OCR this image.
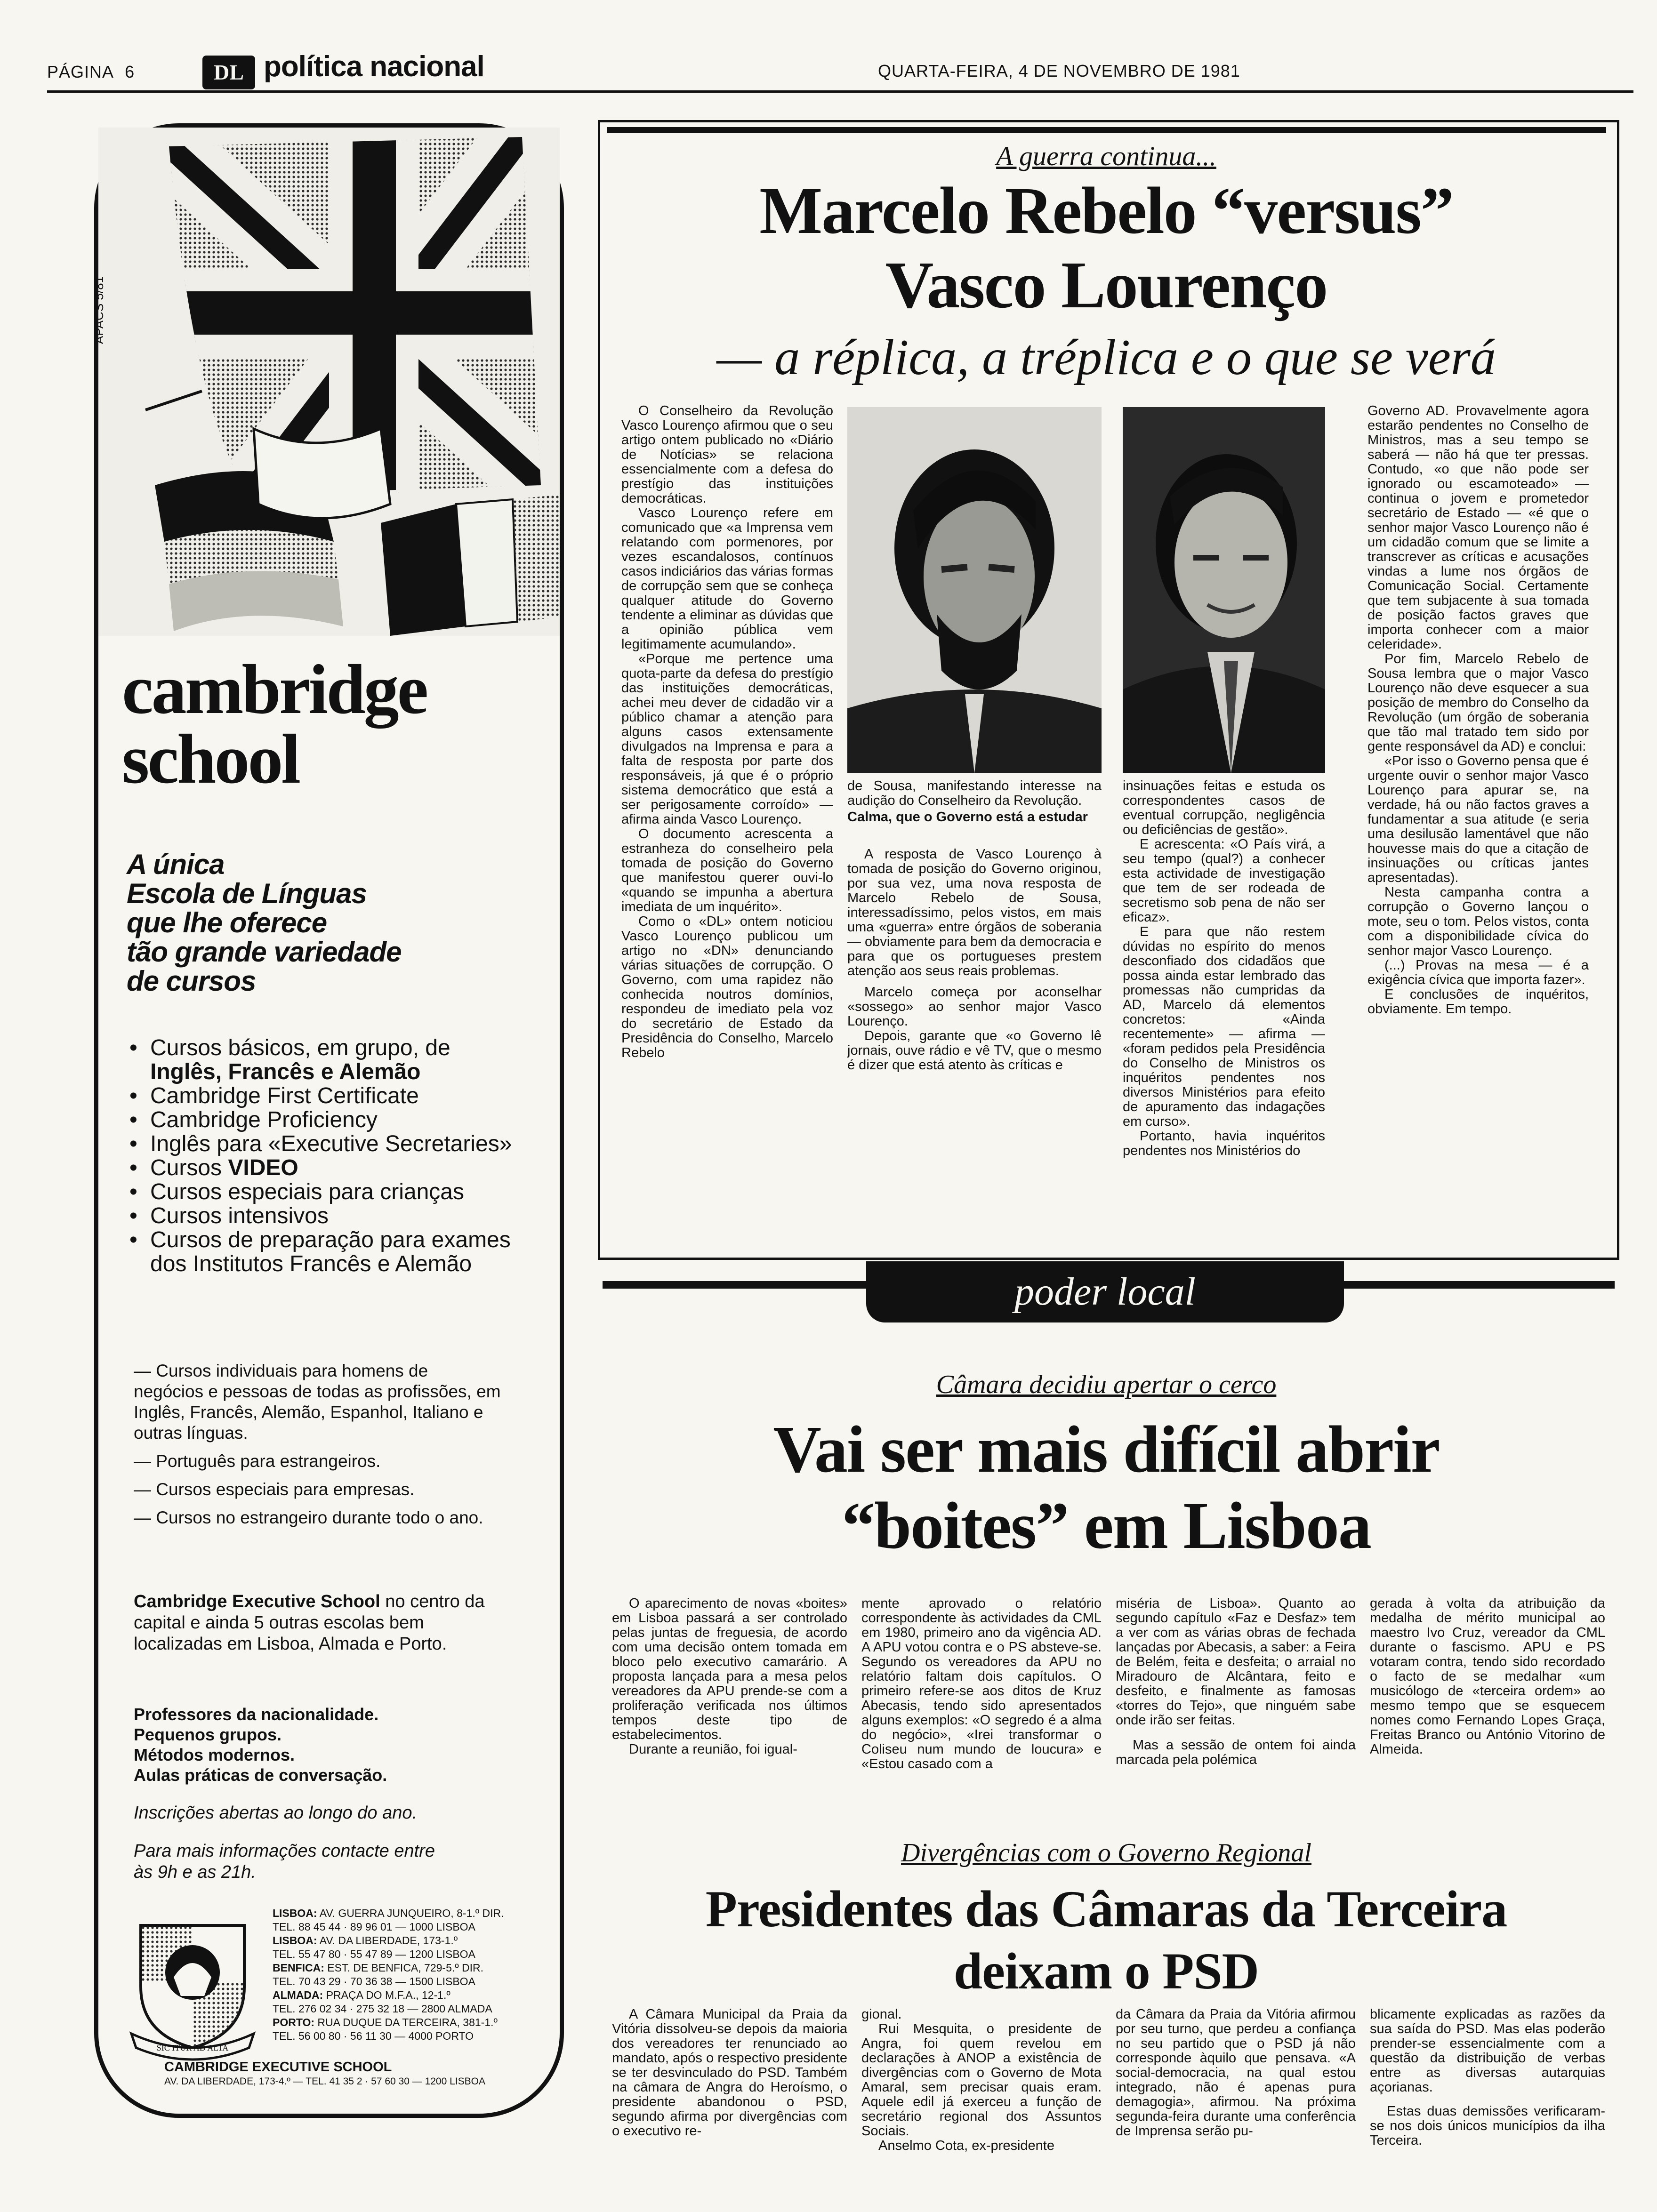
PÁGINA 6	DL política nacional	QUARTA-FEIRA, 4 DE NOVEMBRO DE 1981
APACS 5/81
cambridge
school
A única
Escola de Línguas
que lhe oferece
tão grande variedade
de cursos
• Cursos básicos, em grupo, de Inglês, Francês e Alemão
• Cambridge First Certificate
• Cambridge Proficiency
• Inglês para «Executive Secretaries»
• Cursos VIDEO
• Cursos especiais para crianças
• Cursos intensivos
• Cursos de preparação para exames dos Institutos Francês e Alemão
— Cursos individuais para homens de negócios e pessoas de todas as profissões, em Inglês, Francês, Alemão, Espanhol, Italiano e outras línguas.
— Português para estrangeiros.
— Cursos especiais para empresas.
— Cursos no estrangeiro durante todo o ano.
Cambridge Executive School no centro da capital e ainda 5 outras escolas bem localizadas em Lisboa, Almada e Porto.
Professores da nacionalidade.
Pequenos grupos.
Métodos modernos.
Aulas práticas de conversação.
Inscrições abertas ao longo do ano.
Para mais informações contacte entre às 9h e as 21h.
SIC ITUR AD ALTA
LISBOA: AV. GUERRA JUNQUEIRO, 8-1.º DIR.
TEL. 88 45 44 · 89 96 01 — 1000 LISBOA
LISBOA: AV. DA LIBERDADE, 173-1.º
TEL. 55 47 80 · 55 47 89 — 1200 LISBOA
BENFICA: EST. DE BENFICA, 729-5.º DIR.
TEL. 70 43 29 · 70 36 38 — 1500 LISBOA
ALMADA: PRAÇA DO M.F.A., 12-1.º
TEL. 276 02 34 · 275 32 18 — 2800 ALMADA
PORTO: RUA DUQUE DA TERCEIRA, 381-1.º
TEL. 56 00 80 · 56 11 30 — 4000 PORTO
CAMBRIDGE EXECUTIVE SCHOOL
AV. DA LIBERDADE, 173-4.º — TEL. 41 35 2 · 57 60 30 — 1200 LISBOA
A guerra continua...
Marcelo Rebelo “versus”
Vasco Lourenço
— a réplica, a tréplica e o que se verá

O Conselheiro da Revolução Vasco Lourenço afirmou que o seu artigo ontem publicado no «Diário de Notícias» se relaciona essencialmente com a defesa do prestígio das instituições democráticas.

Vasco Lourenço refere em comunicado que «a Imprensa vem relatando com pormenores, por vezes escandalosos, contínuos casos indiciários das várias formas de corrupção sem que se conheça qualquer atitude do Governo tendente a eliminar as dúvidas que a opinião pública vem legitimamente acumulando».

«Porque me pertence uma quota-parte da defesa do prestígio das instituições democráticas, achei meu dever de cidadão vir a público chamar a atenção para alguns casos extensamente divulgados na Imprensa e para a falta de resposta por parte dos responsáveis, já que é o próprio sistema democrático que está a ser perigosamente corroído» — afirma ainda Vasco Lourenço.

O documento acrescenta a estranheza do conselheiro pela tomada de posição do Governo que manifestou querer ouvi-lo «quando se impunha a abertura imediata de um inquérito».

Como o «DL» ontem noticiou Vasco Lourenço publicou um artigo no «DN» denunciando várias situações de corrupção. O Governo, com uma rapidez não conhecida noutros domínios, respondeu de imediato pela voz do secretário de Estado da Presidência do Conselho, Marcelo Rebelo

de Sousa, manifestando interesse na audição do Conselheiro da Revolução.

Calma, que o Governo está a estudar

A resposta de Vasco Lourenço à tomada de posição do Governo originou, por sua vez, uma nova resposta de Marcelo Rebelo de Sousa, interessadíssimo, pelos vistos, em mais uma «guerra» entre órgãos de soberania — obviamente para bem da democracia e para que os portugueses prestem atenção aos seus reais problemas.

Marcelo começa por aconselhar «sossego» ao senhor major Vasco Lourenço.

Depois, garante que «o Governo lê jornais, ouve rádio e vê TV, que o mesmo é dizer que está atento às críticas e

insinuações feitas e estuda os correspondentes casos de eventual corrupção, negligência ou deficiências de gestão».

E acrescenta: «O País virá, a seu tempo (qual?) a conhecer esta actividade de investigação que tem de ser rodeada de secretismo sob pena de não ser eficaz».

E para que não restem dúvidas no espírito do menos desconfiado dos cidadãos que possa ainda estar lembrado das promessas não cumpridas da AD, Marcelo dá elementos concretos: «Ainda recentemente» — afirma — «foram pedidos pela Presidência do Conselho de Ministros os inquéritos pendentes nos diversos Ministérios para efeito de apuramento das indagações em curso».

Portanto, havia inquéritos pendentes nos Ministérios do

Governo AD. Provavelmente agora estarão pendentes no Conselho de Ministros, mas a seu tempo se saberá — não há que ter pressas. Contudo, «o que não pode ser ignorado ou escamoteado» — continua o jovem e prometedor secretário de Estado — «é que o senhor major Vasco Lourenço não é um cidadão comum que se limite a transcrever as críticas e acusações vindas a lume nos órgãos de Comunicação Social. Certamente que tem subjacente à sua tomada de posição factos graves que importa conhecer com a maior celeridade».

Por fim, Marcelo Rebelo de Sousa lembra que o major Vasco Lourenço não deve esquecer a sua posição de membro do Conselho da Revolução (um órgão de soberania que tão mal tratado tem sido por gente responsável da AD) e conclui:

«Por isso o Governo pensa que é urgente ouvir o senhor major Vasco Lourenço para apurar se, na verdade, há ou não factos graves a fundamentar a sua atitude (e seria uma desilusão lamentável que não houvesse mais do que a citação de insinuações ou críticas jantes apresentadas).

Nesta campanha contra a corrupção o Governo lançou o mote, seu o tom. Pelos vistos, conta com a disponibilidade cívica do senhor major Vasco Lourenço.

(...) Provas na mesa — é a exigência cívica que importa fazer».

E conclusões de inquéritos, obviamente. Em tempo.

poder local
Câmara decidiu apertar o cerco
Vai ser mais difícil abrir
“boites” em Lisboa

O aparecimento de novas «boites» em Lisboa passará a ser controlado pelas juntas de freguesia, de acordo com uma decisão ontem tomada em bloco pelo executivo camarário. A proposta lançada para a mesa pelos vereadores da APU prende-se com a proliferação verificada nos últimos tempos deste tipo de estabelecimentos.

Durante a reunião, foi igual-

mente aprovado o relatório correspondente às actividades da CML em 1980, primeiro ano da vigência AD. A APU votou contra e o PS absteve-se. Segundo os vereadores da APU no relatório faltam dois capítulos. O primeiro refere-se aos ditos de Kruz Abecasis, tendo sido apresentados alguns exemplos: «O segredo é a alma do negócio», «Irei transformar o Coliseu num mundo de loucura» e «Estou casado com a

miséria de Lisboa». Quanto ao segundo capítulo «Faz e Desfaz» tem a ver com as várias obras de fechada lançadas por Abecasis, a saber: a Feira de Belém, feita e desfeita; o arraial no Miradouro de Alcântara, feito e desfeito, e finalmente as famosas «torres do Tejo», que ninguém sabe onde irão ser feitas.

Mas a sessão de ontem foi ainda marcada pela polémica

gerada à volta da atribuição da medalha de mérito municipal ao maestro Ivo Cruz, vereador da CML durante o fascismo. APU e PS votaram contra, tendo sido recordado o facto de se medalhar «um musicólogo de «terceira ordem» ao mesmo tempo que se esquecem nomes como Fernando Lopes Graça, Freitas Branco ou António Vitorino de Almeida.

Divergências com o Governo Regional
Presidentes das Câmaras da Terceira
deixam o PSD

A Câmara Municipal da Praia da Vitória dissolveu-se depois da maioria dos vereadores ter renunciado ao mandato, após o respectivo presidente se ter desvinculado do PSD. Também na câmara de Angra do Heroísmo, o presidente abandonou o PSD, segundo afirma por divergências com o executivo re-

gional.

Rui Mesquita, o presidente de Angra, foi quem revelou em declarações à ANOP a existência de divergências com o Governo de Mota Amaral, sem precisar quais eram. Aquele edil já exerceu a função de secretário regional dos Assuntos Sociais.

Anselmo Cota, ex-presidente

da Câmara da Praia da Vitória afirmou por seu turno, que perdeu a confiança no seu partido que o PSD já não corresponde àquilo que pensava. «A social-democracia, na qual estou integrado, não é apenas pura demagogia», afirmou. Na próxima segunda-feira durante uma conferência de Imprensa serão pu-

blicamente explicadas as razões da sua saída do PSD. Mas elas poderão prender-se essencialmente com a questão da distribuição de verbas entre as diversas autarquias açorianas.

Estas duas demissões verificaram-se nos dois únicos municípios da ilha Terceira.
